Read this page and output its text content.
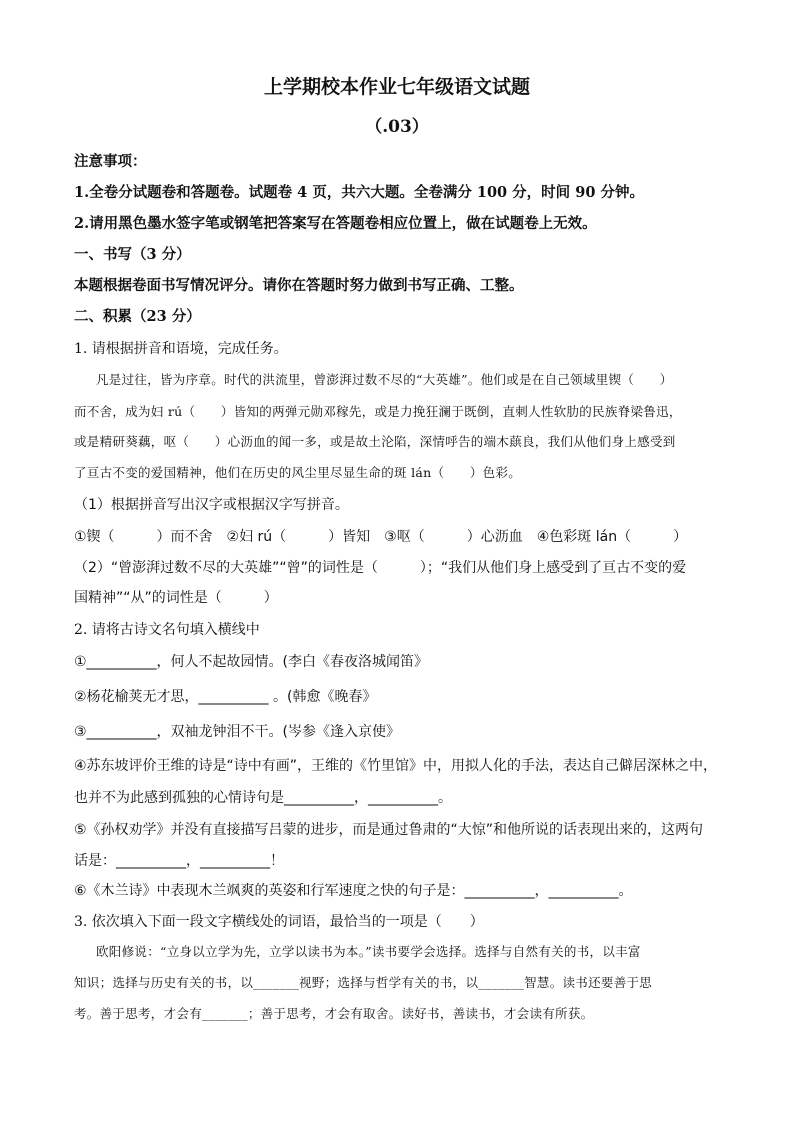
上学期校本作业七年级语文试题
（.03）
注意事项：
1.全卷分试题卷和答题卷。试题卷 4 页，共六大题。全卷满分 100 分，时间 90 分钟。
2.请用黑色墨水签字笔或钢笔把答案写在答题卷相应位置上，做在试题卷上无效。
一、书写（3 分）
本题根据卷面书写情况评分。请你在答题时努力做到书写正确、工整。
二、积累（23 分）
1. 请根据拼音和语境，完成任务。
凡是过往，皆为序章。时代的洪流里，曾澎湃过数不尽的“大英雄”。他们或是在自己领域里锲（　　）
而不舍，成为妇 rú（　　）皆知的两弹元勋邓稼先，或是力挽狂澜于既倒，直刺人性软肋的民族脊梁鲁迅，
或是精研葵藕，呕（　　）心沥血的闻一多，或是故土沦陷，深情呼告的端木蕻良，我们从他们身上感受到
了亘古不变的爱国精神，他们在历史的风尘里尽显生命的斑 lán（　　）色彩。
（1）根据拼音写出汉字或根据汉字写拼音。
①锲（　　　）而不舍　②妇 rú（　　　）皆知　③呕（　　　）心沥血　④色彩斑 lán（　　　）
（2）“曾澎湃过数不尽的大英雄”“曾”的词性是（　　　）；“我们从他们身上感受到了亘古不变的爱
国精神”“从”的词性是（　　　）
2. 请将古诗文名句填入横线中
①__________，何人不起故园情。(李白《春夜洛城闻笛》
②杨花榆荚无才思，__________ 。(韩愈《晚春》
③__________，双袖龙钟泪不干。(岑参《逢入京使》
④苏东坡评价王维的诗是“诗中有画”，王维的《竹里馆》中，用拟人化的手法，表达自己僻居深林之中，
也并不为此感到孤独的心情诗句是__________，__________。
⑤《孙权劝学》并没有直接描写吕蒙的进步，而是通过鲁肃的“大惊”和他所说的话表现出来的，这两句
话是：__________，__________！
⑥《木兰诗》中表现木兰飒爽的英姿和行军速度之快的句子是：__________，__________。
3. 依次填入下面一段文字横线处的词语，最恰当的一项是（　　）
欧阳修说：“立身以立学为先，立学以读书为本。”读书要学会选择。选择与自然有关的书，以丰富
知识；选择与历史有关的书，以_______视野；选择与哲学有关的书，以_______智慧。读书还要善于思
考。善于思考，才会有_______；善于思考，才会有取舍。读好书，善读书，才会读有所获。
